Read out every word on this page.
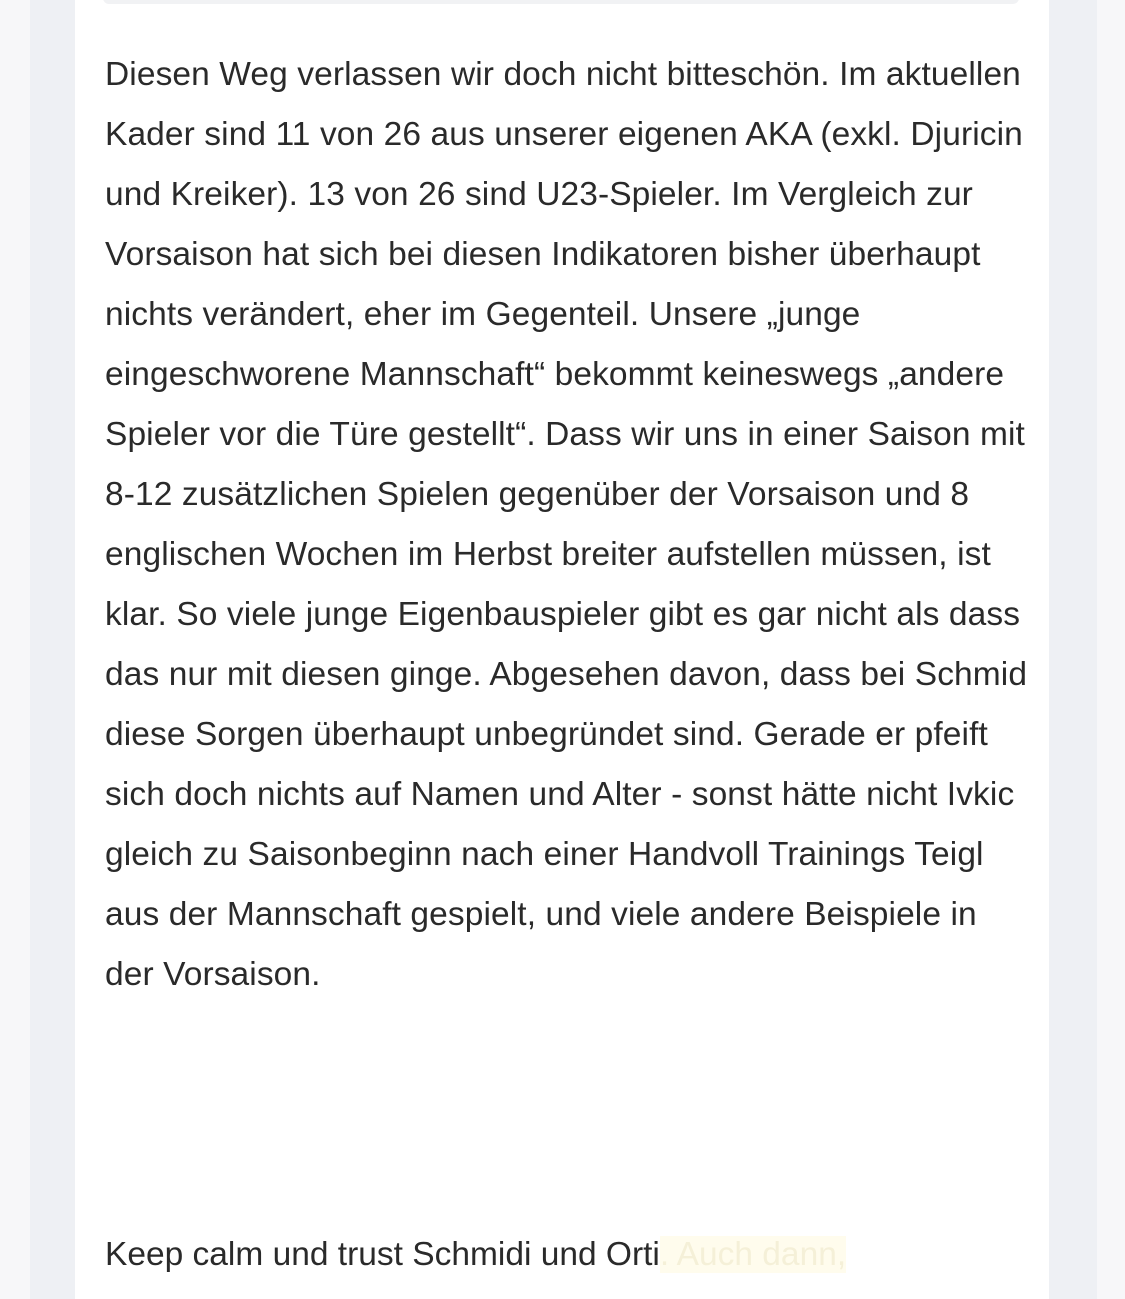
Diesen Weg verlassen wir doch nicht bitteschön. Im aktuellen Kader sind 11 von 26 aus unserer eigenen AKA (exkl. Djuricin und Kreiker). 13 von 26 sind U23-Spieler. Im Vergleich zur Vorsaison hat sich bei diesen Indikatoren bisher überhaupt nichts verändert, eher im Gegenteil. Unsere „junge eingeschworene Mannschaft“ bekommt keineswegs „andere Spieler vor die Türe gestellt“. Dass wir uns in einer Saison mit 8-12 zusätzlichen Spielen gegenüber der Vorsaison und 8 englischen Wochen im Herbst breiter aufstellen müssen, ist klar. So viele junge Eigenbauspieler gibt es gar nicht als dass das nur mit diesen ginge. Abgesehen davon, dass bei Schmid diese Sorgen überhaupt unbegründet sind. Gerade er pfeift sich doch nichts auf Namen und Alter - sonst hätte nicht Ivkic gleich zu Saisonbeginn nach einer Handvoll Trainings Teigl aus der Mannschaft gespielt, und viele andere Beispiele in der Vorsaison.

Keep calm und trust Schmidi und Orti. Auch dann,
